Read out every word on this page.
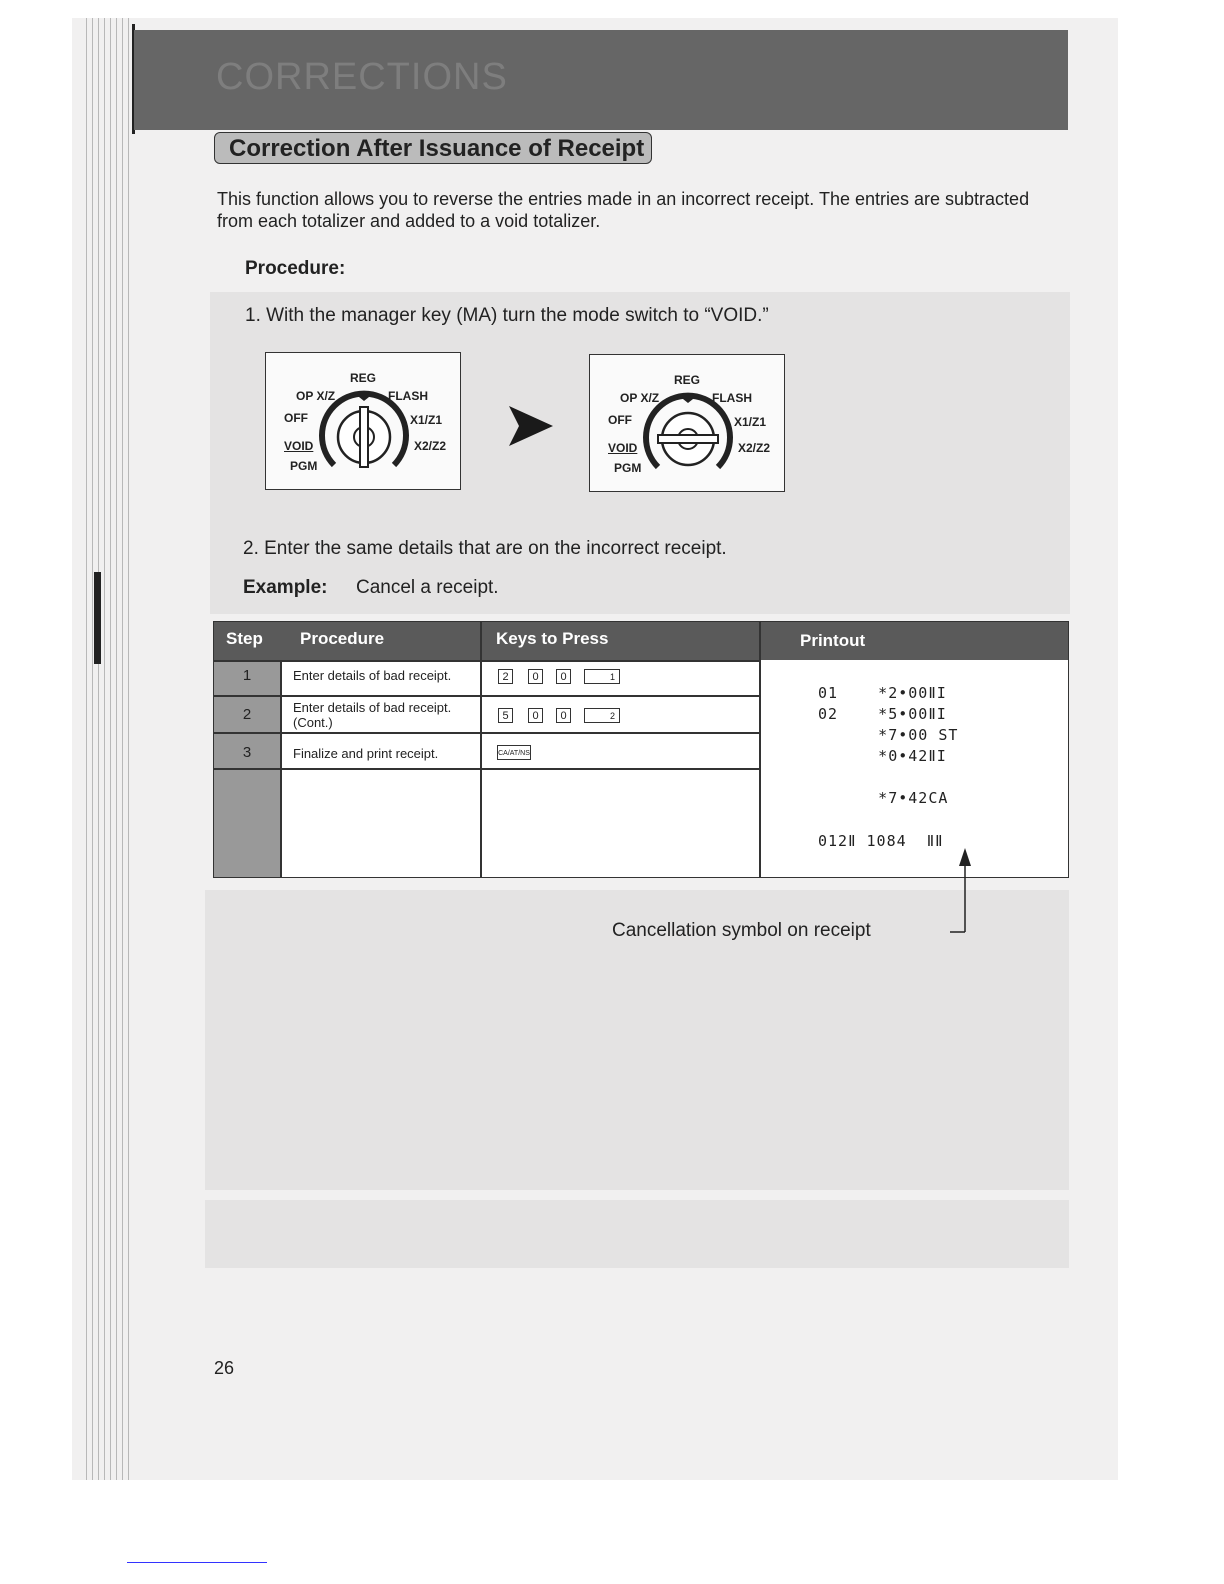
CORRECTIONS
Correction After Issuance of Receipt
This function allows you to reverse the entries made in an incorrect receipt. The entries are subtracted from each totalizer and added to a void totalizer.
Procedure:
1. With the manager key (MA) turn the mode switch to “VOID.”
REG
OP X/Z	FLASH
OFF	X1/Z1
VOID	X2/Z2
PGM
REG
OP X/Z	FLASH
OFF	X1/Z1
VOID	X2/Z2
PGM
2. Enter the same details that are on the incorrect receipt.
Example: Cancel a receipt.
Step	Procedure	Keys to Press	Printout
1	Enter details of bad receipt.	2	0	0	1
2	Enter details of bad receipt. (Cont.)	5	0	0	2
3	Finalize and print receipt.	CA/AT/NS
01    *2•00ⅡI
02    *5•00ⅡI
*7•00 ST
*0•42ⅡI
*7•42CA
012Ⅱ 1084  ⅡⅡ
Cancellation symbol on receipt
26
